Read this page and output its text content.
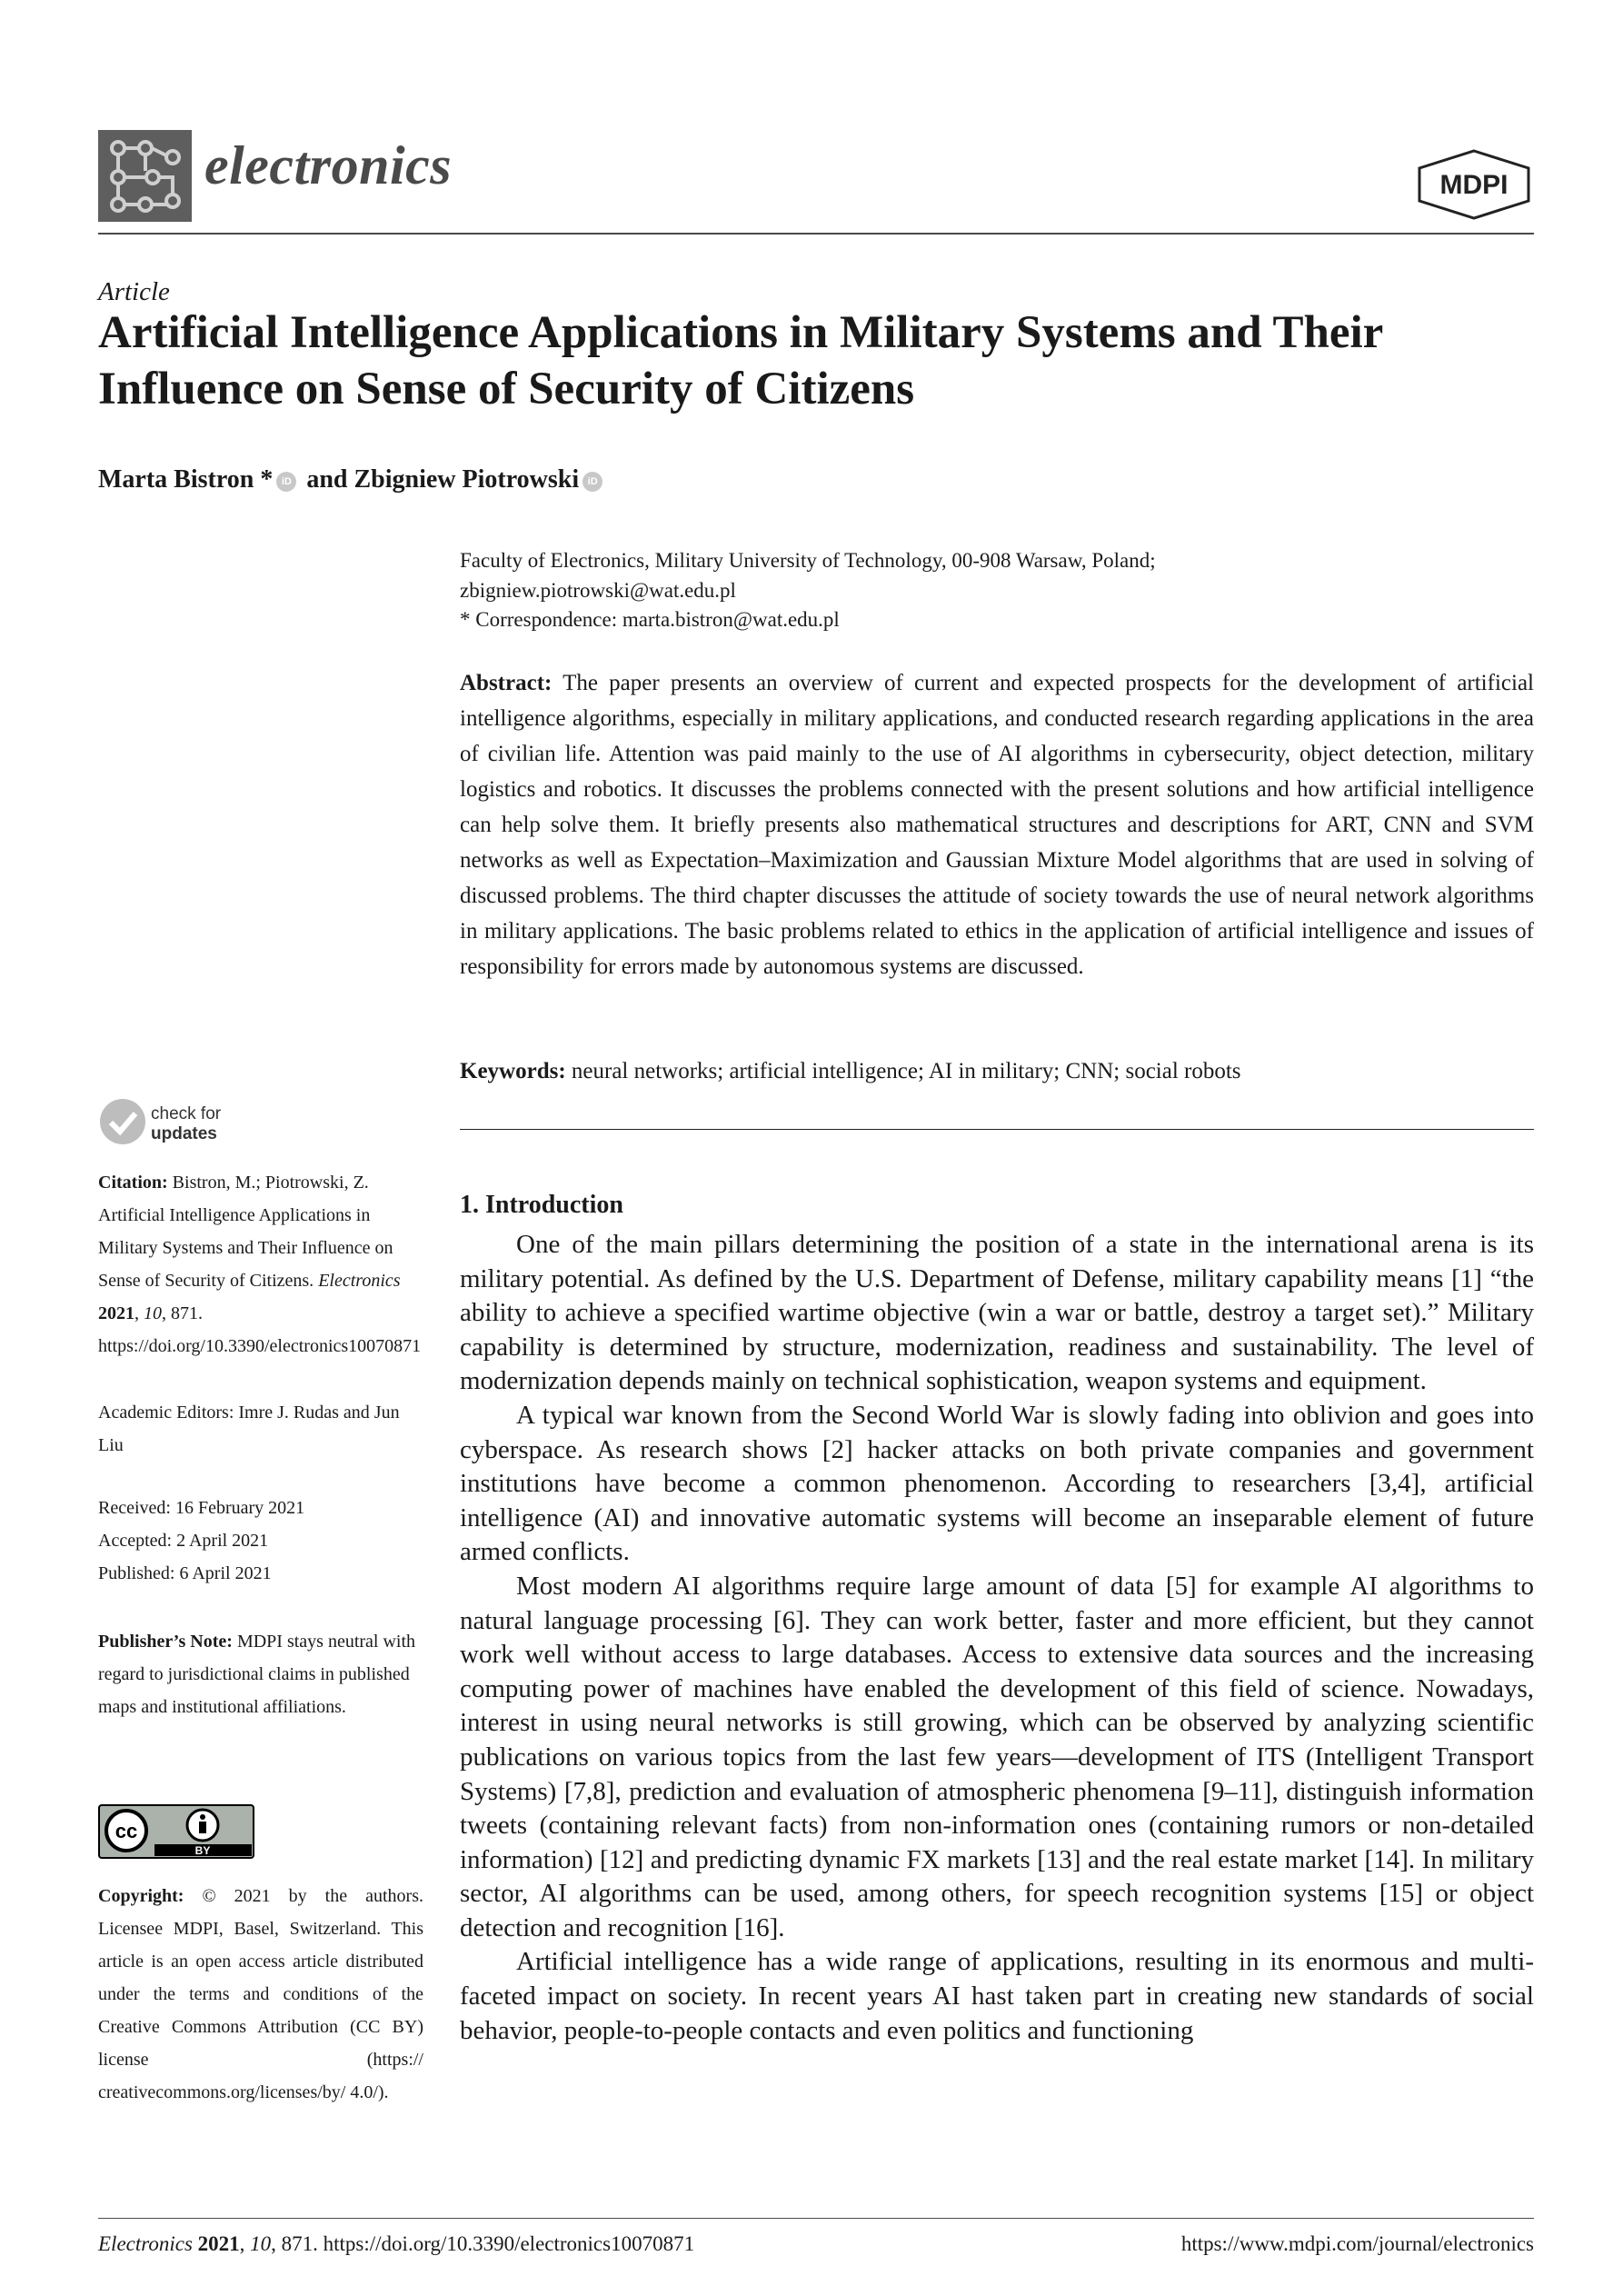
electronics	MDPI
Article
Artificial Intelligence Applications in Military Systems and Their Influence on Sense of Security of Citizens
Marta Bistron * iD and Zbigniew Piotrowski iD
Faculty of Electronics, Military University of Technology, 00-908 Warsaw, Poland;
zbigniew.piotrowski@wat.edu.pl
* Correspondence: marta.bistron@wat.edu.pl
Abstract: The paper presents an overview of current and expected prospects for the development of artificial intelligence algorithms, especially in military applications, and conducted research regarding applications in the area of civilian life. Attention was paid mainly to the use of AI algorithms in cybersecurity, object detection, military logistics and robotics. It discusses the problems connected with the present solutions and how artificial intelligence can help solve them. It briefly presents also mathematical structures and descriptions for ART, CNN and SVM networks as well as Expectation–Maximization and Gaussian Mixture Model algorithms that are used in solving of discussed problems. The third chapter discusses the attitude of society towards the use of neural network algorithms in military applications. The basic problems related to ethics in the application of artificial intelligence and issues of responsibility for errors made by autonomous systems are discussed.
Keywords: neural networks; artificial intelligence; AI in military; CNN; social robots
check for
updates
Citation: Bistron, M.; Piotrowski, Z. Artificial Intelligence Applications in Military Systems and Their Influence on Sense of Security of Citizens. Electronics 2021, 10, 871. https://doi.org/10.3390/electronics10070871
Academic Editors: Imre J. Rudas and Jun Liu
Received: 16 February 2021
Accepted: 2 April 2021
Published: 6 April 2021
Publisher’s Note: MDPI stays neutral with regard to jurisdictional claims in published maps and institutional affiliations.
cc
BY
Copyright: © 2021 by the authors. Licensee MDPI, Basel, Switzerland. This article is an open access article distributed under the terms and conditions of the Creative Commons Attribution (CC BY) license (https:// creativecommons.org/licenses/by/ 4.0/).
1. Introduction

One of the main pillars determining the position of a state in the international arena is its military potential. As defined by the U.S. Department of Defense, military capability means [1] “the ability to achieve a specified wartime objective (win a war or battle, destroy a target set).” Military capability is determined by structure, modernization, readiness and sustainability. The level of modernization depends mainly on technical sophistication, weapon systems and equipment.

A typical war known from the Second World War is slowly fading into oblivion and goes into cyberspace. As research shows [2] hacker attacks on both private companies and government institutions have become a common phenomenon. According to researchers [3,4], artificial intelligence (AI) and innovative automatic systems will become an inseparable element of future armed conflicts.

Most modern AI algorithms require large amount of data [5] for example AI algorithms to natural language processing [6]. They can work better, faster and more efficient, but they cannot work well without access to large databases. Access to extensive data sources and the increasing computing power of machines have enabled the development of this field of science. Nowadays, interest in using neural networks is still growing, which can be observed by analyzing scientific publications on various topics from the last few years—development of ITS (Intelligent Transport Systems) [7,8], prediction and evaluation of atmospheric phenomena [9–11], distinguish information tweets (containing relevant facts) from non-information ones (containing rumors or non-detailed information) [12] and predicting dynamic FX markets [13] and the real estate market [14]. In military sector, AI algorithms can be used, among others, for speech recognition systems [15] or object detection and recognition [16].

Artificial intelligence has a wide range of applications, resulting in its enormous and multi-faceted impact on society. In recent years AI hast taken part in creating new standards of social behavior, people-to-people contacts and even politics and functioning

Electronics 2021, 10, 871. https://doi.org/10.3390/electronics10070871	https://www.mdpi.com/journal/electronics
